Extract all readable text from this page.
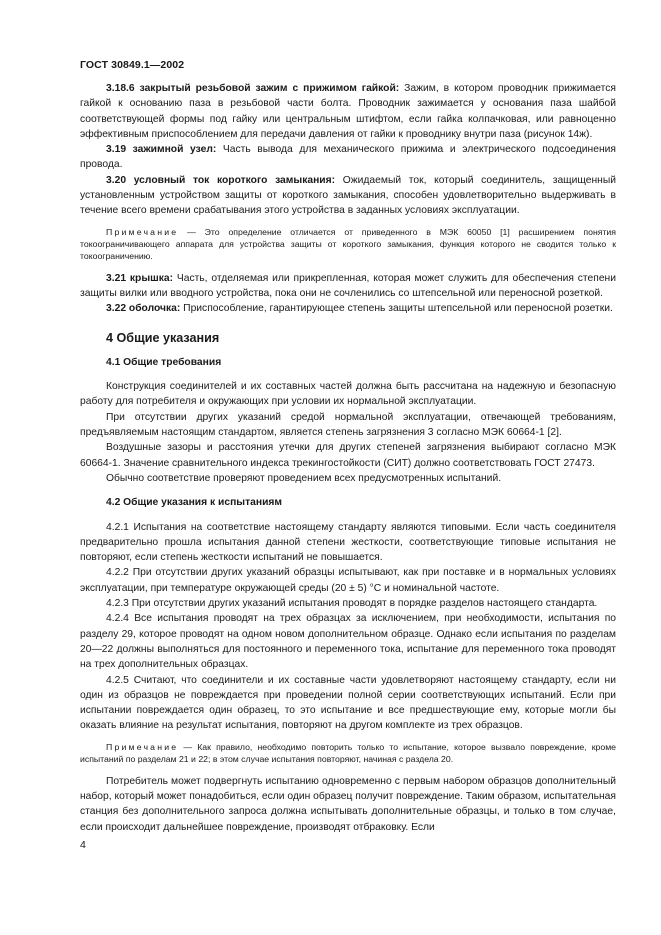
ГОСТ 30849.1—2002

3.18.6 закрытый резьбовой зажим с прижимом гайкой: Зажим, в котором проводник прижимается гайкой к основанию паза в резьбовой части болта. Проводник зажимается у основания паза шайбой соответствующей формы под гайку или центральным штифтом, если гайка колпачковая, или равноценно эффективным приспособлением для передачи давления от гайки к проводнику внутри паза (рисунок 14ж).

3.19 зажимной узел: Часть вывода для механического прижима и электрического подсоединения провода.

3.20 условный ток короткого замыкания: Ожидаемый ток, который соединитель, защищенный установленным устройством защиты от короткого замыкания, способен удовлетворительно выдерживать в течение всего времени срабатывания этого устройства в заданных условиях эксплуатации.

Примечание — Это определение отличается от приведенного в МЭК 60050 [1] расширением понятия токоограничивающего аппарата для устройства защиты от короткого замыкания, функция которого не сводится только к токоограничению.

3.21 крышка: Часть, отделяемая или прикрепленная, которая может служить для обеспечения степени защиты вилки или вводного устройства, пока они не сочленились со штепсельной или переносной розеткой.

3.22 оболочка: Приспособление, гарантирующее степень защиты штепсельной или переносной розетки.

4 Общие указания
4.1 Общие требования

Конструкция соединителей и их составных частей должна быть рассчитана на надежную и безопасную работу для потребителя и окружающих при условии их нормальной эксплуатации.

При отсутствии других указаний средой нормальной эксплуатации, отвечающей требованиям, предъявляемым настоящим стандартом, является степень загрязнения 3 согласно МЭК 60664-1 [2].

Воздушные зазоры и расстояния утечки для других степеней загрязнения выбирают согласно МЭК 60664-1. Значение сравнительного индекса трекингостойкости (СИТ) должно соответствовать ГОСТ 27473.

Обычно соответствие проверяют проведением всех предусмотренных испытаний.

4.2 Общие указания к испытаниям

4.2.1 Испытания на соответствие настоящему стандарту являются типовыми. Если часть соединителя предварительно прошла испытания данной степени жесткости, соответствующие типовые испытания не повторяют, если степень жесткости испытаний не повышается.

4.2.2 При отсутствии других указаний образцы испытывают, как при поставке и в нормальных условиях эксплуатации, при температуре окружающей среды (20 ± 5) °С и номинальной частоте.

4.2.3 При отсутствии других указаний испытания проводят в порядке разделов настоящего стандарта.

4.2.4 Все испытания проводят на трех образцах за исключением, при необходимости, испытания по разделу 29, которое проводят на одном новом дополнительном образце. Однако если испытания по разделам 20—22 должны выполняться для постоянного и переменного тока, испытание для переменного тока проводят на трех дополнительных образцах.

4.2.5 Считают, что соединители и их составные части удовлетворяют настоящему стандарту, если ни один из образцов не повреждается при проведении полной серии соответствующих испытаний. Если при испытании повреждается один образец, то это испытание и все предшествующие ему, которые могли бы оказать влияние на результат испытания, повторяют на другом комплекте из трех образцов.

Примечание — Как правило, необходимо повторить только то испытание, которое вызвало повреждение, кроме испытаний по разделам 21 и 22; в этом случае испытания повторяют, начиная с раздела 20.

Потребитель может подвергнуть испытанию одновременно с первым набором образцов дополнительный набор, который может понадобиться, если один образец получит повреждение. Таким образом, испытательная станция без дополнительного запроса должна испытывать дополнительные образцы, и только в том случае, если происходит дальнейшее повреждение, производят отбраковку. Если

4
